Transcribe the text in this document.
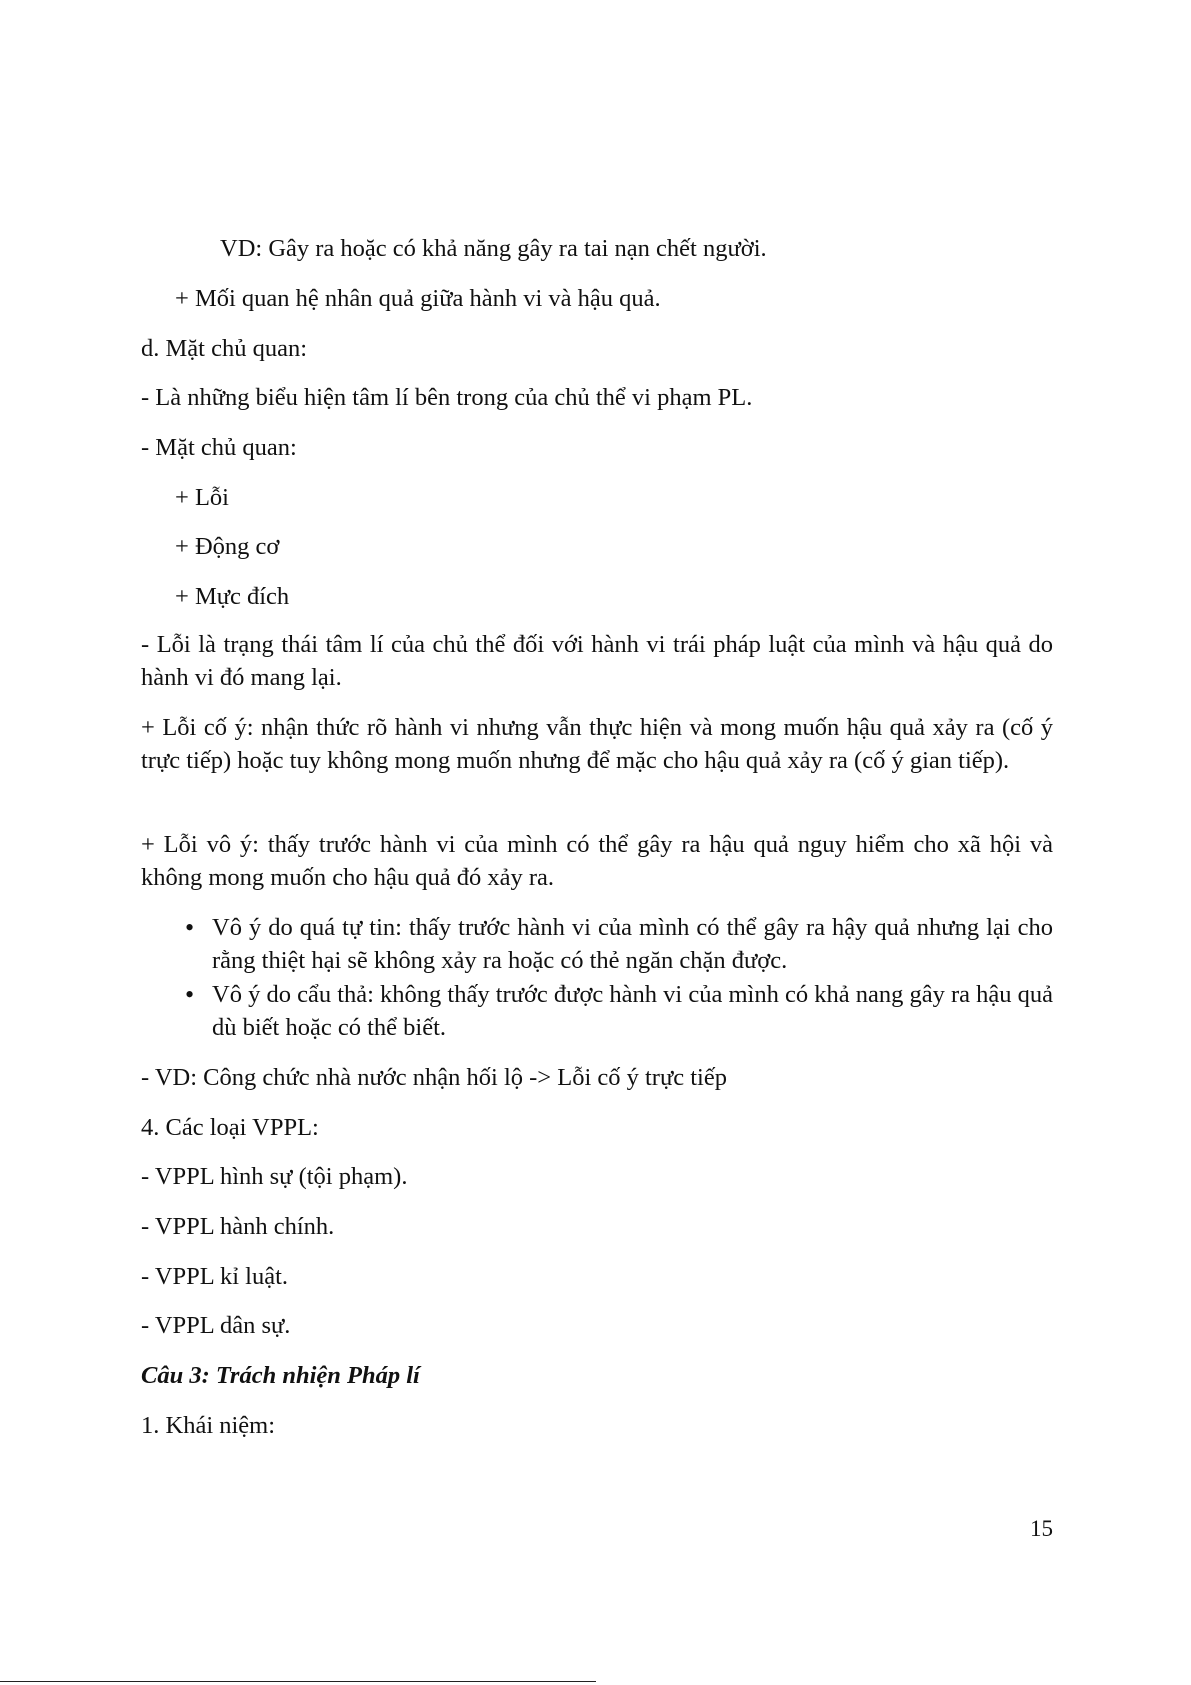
VD: Gây ra hoặc có khả năng gây ra tai nạn chết người.
+ Mối quan hệ nhân quả giữa hành vi và hậu quả.
d. Mặt chủ quan:
- Là những biểu hiện tâm lí bên trong của chủ thể vi phạm PL.
- Mặt chủ quan:
+ Lỗi
+ Động cơ
+ Mực đích
- Lỗi là trạng thái tâm lí của chủ thể đối với hành vi trái pháp luật của mình và hậu quả do hành vi đó mang lại.
+ Lỗi cố ý: nhận thức rõ hành vi nhưng vẫn thực hiện và mong muốn hậu quả xảy ra (cố ý trực tiếp) hoặc tuy không mong muốn nhưng để mặc cho hậu quả xảy ra (cố ý gian tiếp).
+ Lỗi vô ý: thấy trước hành vi của mình có thể gây ra hậu quả nguy hiểm cho xã hội và không mong muốn cho hậu quả đó xảy ra.
• Vô ý do quá tự tin: thấy trước hành vi của mình có thể gây ra hậy quả nhưng lại cho rằng thiệt hại sẽ không xảy ra hoặc có thẻ ngăn chặn được.
• Vô ý do cẩu thả: không thấy trước được hành vi của mình có khả nang gây ra hậu quả dù biết hoặc có thể biết.
- VD: Công chức nhà nước nhận hối lộ -> Lỗi cố ý trực tiếp
4. Các loại VPPL:
- VPPL hình sự (tội phạm).
- VPPL hành chính.
- VPPL kỉ luật.
- VPPL dân sự.
Câu 3: Trách nhiện Pháp lí
1. Khái niệm:
15
